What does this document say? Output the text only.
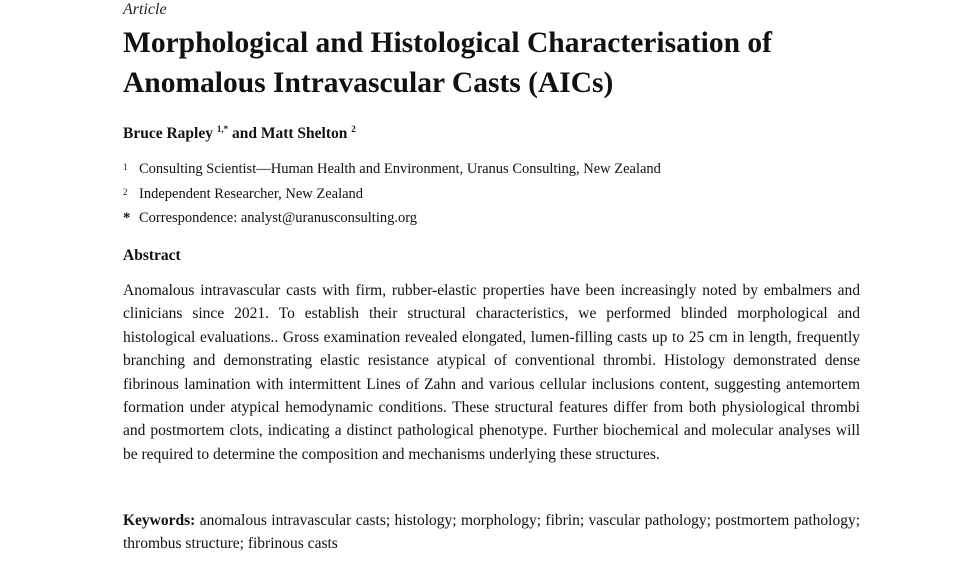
Article
Morphological and Histological Characterisation of
Anomalous Intravascular Casts (AICs)
Bruce Rapley $^{1,*}$ and Matt Shelton $^2$
1 Consulting Scientist—Human Health and Environment, Uranus Consulting, New Zealand
2 Independent Researcher, New Zealand
* Correspondence: analyst@uranusconsulting.org
Abstract

Anomalous intravascular casts with firm, rubber-elastic properties have been increasingly noted by embalmers and clinicians since 2021. To establish their structural characteristics, we performed blinded morphological and histological evaluations.. Gross examination revealed elongated, lumen-filling casts up to 25 cm in length, frequently branching and demonstrating elastic resistance atypical of conventional thrombi. Histology demonstrated dense fibrinous lamination with intermittent Lines of Zahn and various cellular inclusions content, suggesting antemortem formation under atypical hemodynamic conditions. These structural features differ from both physiological thrombi and postmortem clots, indicating a distinct pathological phenotype. Further biochemical and molecular analyses will be required to determine the composition and mechanisms underlying these structures.

Keywords: anomalous intravascular casts; histology; morphology; fibrin; vascular pathology; postmortem pathology; thrombus structure; fibrinous casts
